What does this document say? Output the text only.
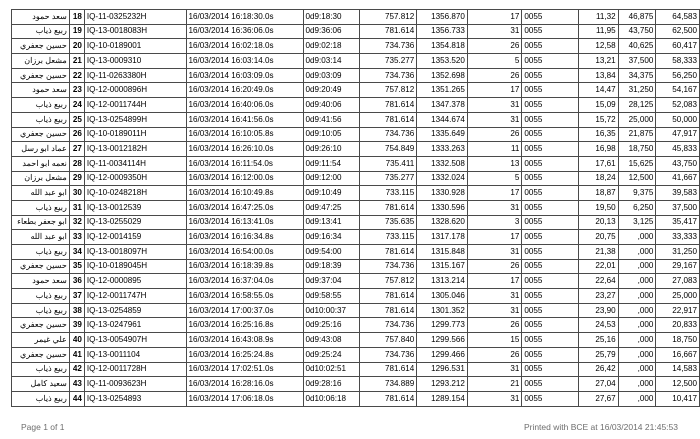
سعد حمود	18	IQ-11-0325232H	16/03/2014 16:18:30.0s	0d9:18:30	757.812	1356.870	17	0055	11,32	46,875	64,583
ربيع ذياب	19	IQ-13-0018083H	16/03/2014 16:36:06.0s	0d9:36:06	781.614	1356.733	31	0055	11,95	43,750	62,500
حسين جعفري	20	IQ-10-0189001	16/03/2014 16:02:18.0s	0d9:02:18	734.736	1354.818	26	0055	12,58	40,625	60,417
مشعل برزان	21	IQ-13-0009310	16/03/2014 16:03:14.0s	0d9:03:14	735.277	1353.520	5	0055	13,21	37,500	58,333
حسين جعفري	22	IQ-11-0263380H	16/03/2014 16:03:09.0s	0d9:03:09	734.736	1352.698	26	0055	13,84	34,375	56,250
سعد حمود	23	IQ-12-0000896H	16/03/2014 16:20:49.0s	0d9:20:49	757.812	1351.265	17	0055	14,47	31,250	54,167
ربيع ذياب	24	IQ-12-0011744H	16/03/2014 16:40:06.0s	0d9:40:06	781.614	1347.378	31	0055	15,09	28,125	52,083
ربيع ذياب	25	IQ-13-0254899H	16/03/2014 16:41:56.0s	0d9:41:56	781.614	1344.674	31	0055	15,72	25,000	50,000
حسين جعفري	26	IQ-10-0189011H	16/03/2014 16:10:05.8s	0d9:10:05	734.736	1335.649	26	0055	16,35	21,875	47,917
عماد ابو رسل	27	IQ-13-0012182H	16/03/2014 16:26:10.0s	0d9:26:10	754.849	1333.263	11	0055	16,98	18,750	45,833
نعمه ابو احمد	28	IQ-11-0034114H	16/03/2014 16:11:54.0s	0d9:11:54	735.411	1332.508	13	0055	17,61	15,625	43,750
مشعل برزان	29	IQ-12-0009350H	16/03/2014 16:12:00.0s	0d9:12:00	735.277	1332.024	5	0055	18,24	12,500	41,667
ابو عبد الله	30	IQ-10-0248218H	16/03/2014 16:10:49.8s	0d9:10:49	733.115	1330.928	17	0055	18,87	9,375	39,583
ربيع ذياب	31	IQ-13-0012539	16/03/2014 16:47:25.0s	0d9:47:25	781.614	1330.596	31	0055	19,50	6,250	37,500
ابو جعفر بطعاء	32	IQ-13-0255029	16/03/2014 16:13:41.0s	0d9:13:41	735.635	1328.620	3	0055	20,13	3,125	35,417
ابو عبد الله	33	IQ-12-0014159	16/03/2014 16:16:34.8s	0d9:16:34	733.115	1317.178	17	0055	20,75	,000	33,333
ربيع ذياب	34	IQ-13-0018097H	16/03/2014 16:54:00.0s	0d9:54:00	781.614	1315.848	31	0055	21,38	,000	31,250
حسين جعفري	35	IQ-10-0189045H	16/03/2014 16:18:39.8s	0d9:18:39	734.736	1315.167	26	0055	22,01	,000	29,167
سعد حمود	36	IQ-12-0000895	16/03/2014 16:37:04.0s	0d9:37:04	757.812	1313.214	17	0055	22,64	,000	27,083
ربيع ذياب	37	IQ-12-0011747H	16/03/2014 16:58:55.0s	0d9:58:55	781.614	1305.046	31	0055	23,27	,000	25,000
ربيع ذياب	38	IQ-13-0254859	16/03/2014 17:00:37.0s	0d10:00:37	781.614	1301.352	31	0055	23,90	,000	22,917
حسين جعفري	39	IQ-13-0247961	16/03/2014 16:25:16.8s	0d9:25:16	734.736	1299.773	26	0055	24,53	,000	20,833
علي غيمر	40	IQ-13-0054907H	16/03/2014 16:43:08.9s	0d9:43:08	757.840	1299.566	15	0055	25,16	,000	18,750
حسين جعفري	41	IQ-13-0011104	16/03/2014 16:25:24.8s	0d9:25:24	734.736	1299.466	26	0055	25,79	,000	16,667
ربيع ذياب	42	IQ-12-0011728H	16/03/2014 17:02:51.0s	0d10:02:51	781.614	1296.531	31	0055	26,42	,000	14,583
سعيد كامل	43	IQ-11-0093623H	16/03/2014 16:28:16.0s	0d9:28:16	734.889	1293.212	21	0055	27,04	,000	12,500
ربيع ذياب	44	IQ-13-0254893	16/03/2014 17:06:18.0s	0d10:06:18	781.614	1289.154	31	0055	27,67	,000	10,417
Page 1 of 1	Printed with BCE at 16/03/2014 21:45:53
